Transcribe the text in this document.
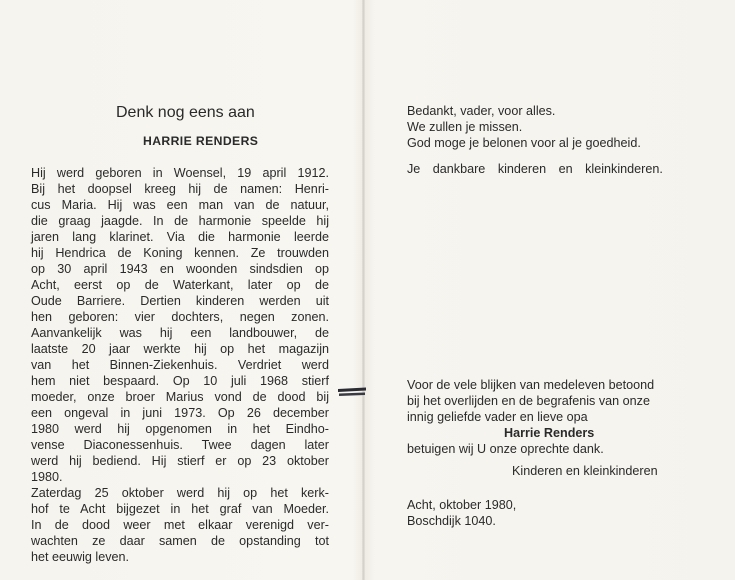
Denk nog eens aan
HARRIE RENDERS

Hij werd geboren in Woensel, 19 april 1912.

Bij het doopsel kreeg hij de namen: Henri-

cus Maria. Hij was een man van de natuur,

die graag jaagde. In de harmonie speelde hij

jaren lang klarinet. Via die harmonie leerde

hij Hendrica de Koning kennen. Ze trouwden

op 30 april 1943 en woonden sindsdien op

Acht, eerst op de Waterkant, later op de

Oude Barriere. Dertien kinderen werden uit

hen geboren: vier dochters, negen zonen.

Aanvankelijk was hij een landbouwer, de

laatste 20 jaar werkte hij op het magazijn

van het Binnen-Ziekenhuis. Verdriet werd

hem niet bespaard. Op 10 juli 1968 stierf

moeder, onze broer Marius vond de dood bij

een ongeval in juni 1973. Op 26 december

1980 werd hij opgenomen in het Eindho-

vense Diaconessenhuis. Twee dagen later

werd hij bediend. Hij stierf er op 23 oktober

1980.

Zaterdag 25 oktober werd hij op het kerk-

hof te Acht bijgezet in het graf van Moeder.

In de dood weer met elkaar verenigd ver-

wachten ze daar samen de opstanding tot

het eeuwig leven.

Bedankt, vader, voor alles.
We zullen je missen.
God moge je belonen voor al je goedheid.
Je dankbare kinderen en kleinkinderen.
Voor de vele blijken van medeleven betoond
bij het overlijden en de begrafenis van onze
innig geliefde vader en lieve opa
Harrie Renders
betuigen wij U onze oprechte dank.
Kinderen en kleinkinderen
Acht, oktober 1980,
Boschdijk 1040.
